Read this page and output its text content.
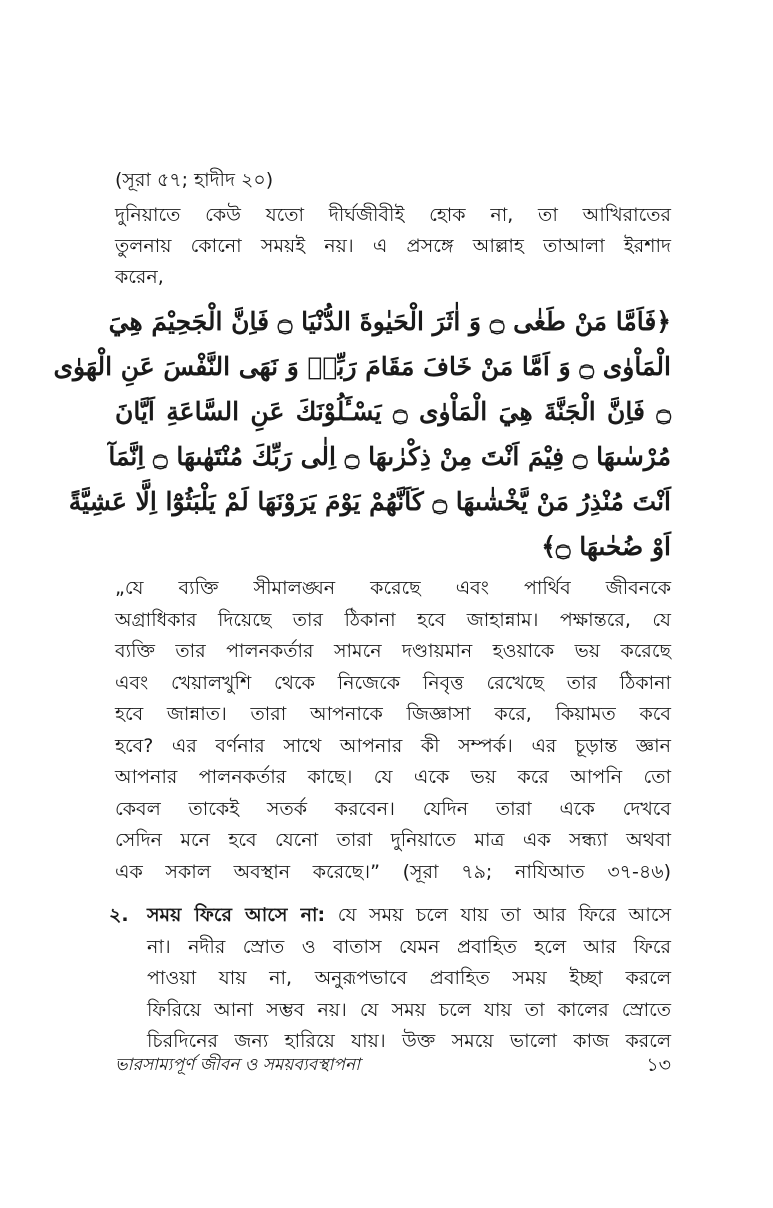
(সূরা ৫৭; হাদীদ ২০)
দুনিয়াতে কেউ যতো দীর্ঘজীবীই হোক না, তা আখিরাতের
তুলনায় কোনো সময়ই নয়। এ প্রসঙ্গে আল্লাহ তাআলা ইরশাদ
করেন,
﴿فَاَمَّا مَنْ طَغٰى ۝ وَ اٰثَرَ الْحَيٰوةَ الدُّنْيَا ۝ فَاِنَّ الْجَحِيْمَ هِيَ
الْمَاْوٰى ۝ وَ اَمَّا مَنْ خَافَ مَقَامَ رَبِّهٖ وَ نَهَى النَّفْسَ عَنِ الْهَوٰى
۝ فَاِنَّ الْجَنَّةَ هِيَ الْمَاْوٰى ۝ يَسْـَٔلُوْنَكَ عَنِ السَّاعَةِ اَيَّانَ
مُرْسٰىهَا ۝ فِيْمَ اَنْتَ مِنْ ذِكْرٰىهَا ۝ اِلٰى رَبِّكَ مُنْتَهٰىهَا ۝ اِنَّمَآ
اَنْتَ مُنْذِرُ مَنْ يَّخْشٰىهَا ۝ كَاَنَّهُمْ يَوْمَ يَرَوْنَهَا لَمْ يَلْبَثُوْٓا اِلَّا عَشِيَّةً
اَوْ ضُحٰىهَا ۝﴾
„যে ব্যক্তি সীমালঙ্ঘন করেছে এবং পার্থিব জীবনকে
অগ্রাধিকার দিয়েছে তার ঠিকানা হবে জাহান্নাম। পক্ষান্তরে, যে
ব্যক্তি তার পালনকর্তার সামনে দণ্ডায়মান হওয়াকে ভয় করেছে
এবং খেয়ালখুশি থেকে নিজেকে নিবৃত্ত রেখেছে তার ঠিকানা
হবে জান্নাত। তারা আপনাকে জিজ্ঞাসা করে, কিয়ামত কবে
হবে? এর বর্ণনার সাথে আপনার কী সম্পর্ক। এর চূড়ান্ত জ্ঞান
আপনার পালনকর্তার কাছে। যে একে ভয় করে আপনি তো
কেবল তাকেই সতর্ক করবেন। যেদিন তারা একে দেখবে
সেদিন মনে হবে যেনো তারা দুনিয়াতে মাত্র এক সন্ধ্যা অথবা
এক সকাল অবস্থান করেছে।” (সূরা ৭৯; নাযিআত ৩৭-৪৬)
২. সময় ফিরে আসে না: যে সময় চলে যায় তা আর ফিরে আসে
না। নদীর স্রোত ও বাতাস যেমন প্রবাহিত হলে আর ফিরে
পাওয়া যায় না, অনুরূপভাবে প্রবাহিত সময় ইচ্ছা করলে
ফিরিয়ে আনা সম্ভব নয়। যে সময় চলে যায় তা কালের স্রোতে
চিরদিনের জন্য হারিয়ে যায়। উক্ত সময়ে ভালো কাজ করলে
ভারসাম্যপূর্ণ জীবন ও সময়ব্যবস্থাপনা	১৩
